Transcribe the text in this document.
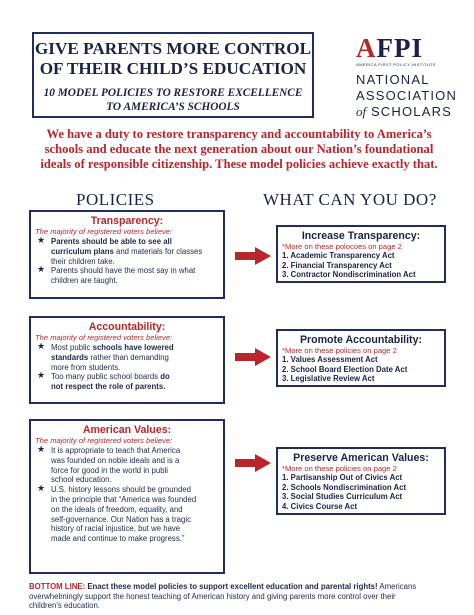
GIVE PARENTS MORE CONTROL
OF THEIR CHILD’S EDUCATION
10 MODEL POLICIES TO RESTORE EXCELLENCE
TO AMERICA’S SCHOOLS
AFPI
AMERICA FIRST POLICY INSTITUTE
NATIONAL
ASSOCIATION
of SCHOLARS
We have a duty to restore transparency and accountability to America’s
schools and educate the next generation about our Nation’s foundational
ideals of responsible citizenship. These model policies achieve exactly that.
POLICIES	WHAT CAN YOU DO?
Transparency:
The majority of registered voters believe:
★ Parents should be able to see all
curriculum plans and materials for classes
their children take.
★ Parents should have the most say in what
children are taught.
Accountability:
The majority of registered voters believe:
★ Most public schools have lowered
standards rather than demanding
more from students.
★ Too many public school boards do
not respect the role of parents.
American Values:
The majority of registered voters believe:
★ It is appropriate to teach that America
was founded on noble ideals and is a
force for good in the world in publi
school education.
★ U.S. history lessons should be grounded
in the principle that “America was founded
on the ideals of freedom, equality, and
self-governance. Our Nation has a tragic
history of racial injustice, but we have
made and continue to make progress.”
Increase Transparency:
*More on these polocoes on page 2
1. Academic Transparency Act
2. Financial Transparency Act
3. Contractor Nondiscrimination Act
Promote Accountability:
*More on these policies on page 2
1. Values Assessment Act
2. School Board Election Date Act
3. Legislative Review Act
Preserve American Values:
*More on these policies on page 2
1. Partisanship Out of Civics Act
2. Schools Nondiscrimination Act
3. Social Studies Curriculum Act
4. Civics Course Act
BOTTOM LINE: Enact these model policies to support excellent education and parental rights! Americans
overwhelmingly support the honest teaching of American history and giving parents more control over their
children’s education.
